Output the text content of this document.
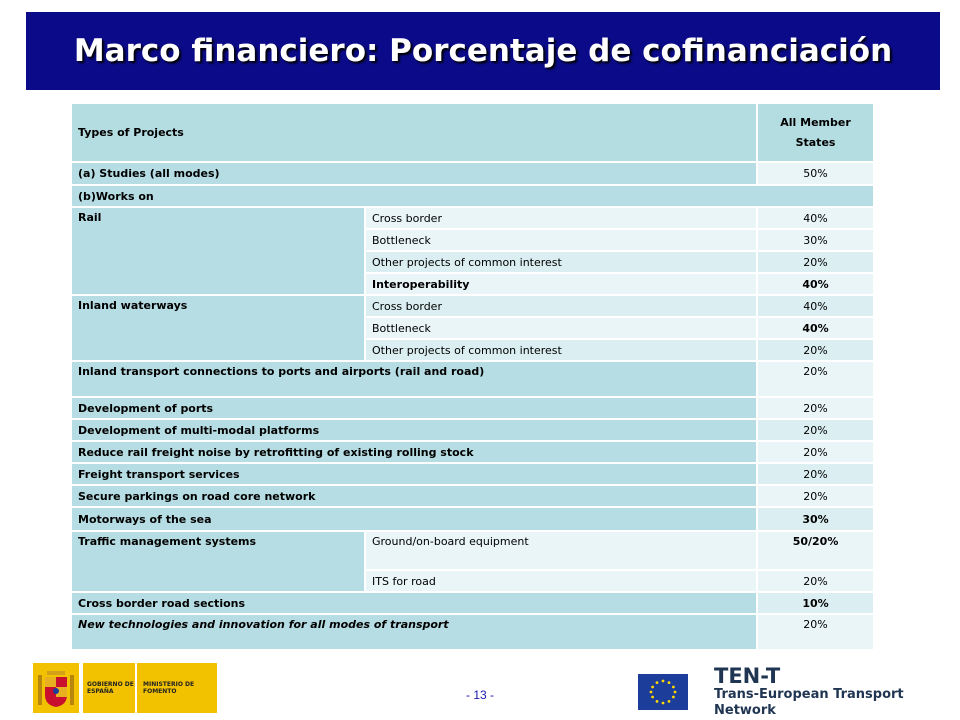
Marco financiero: Porcentaje de cofinanciación
Types of Projects		All Member States
(a) Studies (all modes)		50%
(b)Works on		
Rail	Cross border	40%
	Bottleneck	30%
	Other projects of common interest	20%
	Interoperability	40%
Inland waterways	Cross border	40%
	Bottleneck	40%
	Other projects of common interest	20%
Inland transport connections to ports and airports (rail and road)		20%
Development of ports		20%
Development of multi-modal platforms		20%
Reduce rail freight noise by retrofitting of existing rolling stock		20%
Freight transport services		20%
Secure parkings on road core network		20%
Motorways of the sea		30%
Traffic management systems	Ground/on-board equipment	50/20%
	ITS for road	20%
Cross border road sections		10%
New technologies and innovation for all modes of transport		20%
GOBIERNO DE ESPAÑA
MINISTERIO DE FOMENTO	- 13 -
TEN-T
Trans-European Transport Network
